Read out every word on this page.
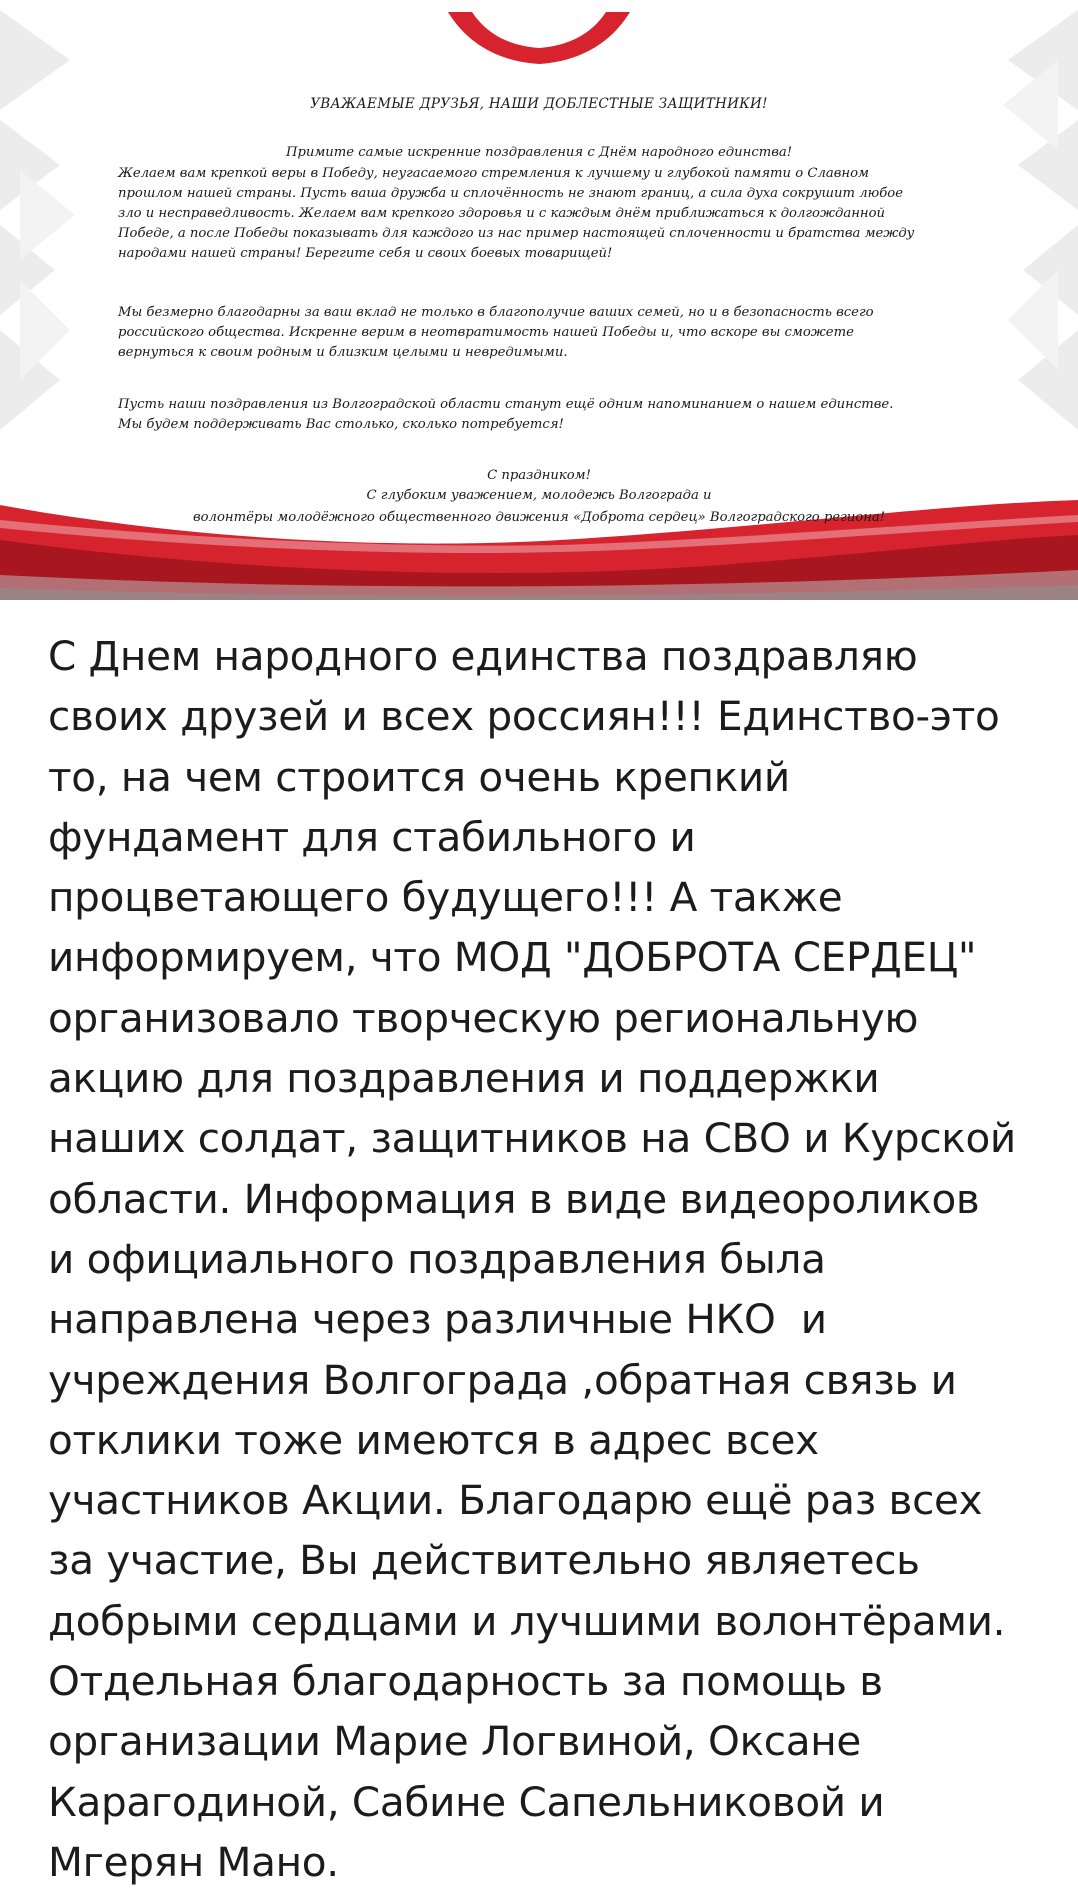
УВАЖАЕМЫЕ ДРУЗЬЯ, НАШИ ДОБЛЕСТНЫЕ ЗАЩИТНИКИ!
Примите самые искренние поздравления с Днём народного единства!
Желаем вам крепкой веры в Победу, неугасаемого стремления к лучшему и глубокой памяти о Славном
прошлом нашей страны. Пусть ваша дружба и сплочённость не знают границ, а сила духа сокрушит любое
зло и несправедливость. Желаем вам крепкого здоровья и с каждым днём приближаться к долгожданной
Победе, а после Победы показывать для каждого из нас пример настоящей сплоченности и братства между
народами нашей страны! Берегите себя и своих боевых товарищей!
Мы безмерно благодарны за ваш вклад не только в благополучие ваших семей, но и в безопасность всего
российского общества. Искренне верим в неотвратимость нашей Победы и, что вскоре вы сможете
вернуться к своим родным и близким целыми и невредимыми.
Пусть наши поздравления из Волгоградской области станут ещё одним напоминанием о нашем единстве.
Мы будем поддерживать Вас столько, сколько потребуется!
С праздником!
С глубоким уважением, молодежь Волгограда и
волонтёры молодёжного общественного движения «Доброта сердец» Волгоградского региона!
С Днем народного единства поздравляю
своих друзей и всех россиян!!! Единство-это
то, на чем строится очень крепкий
фундамент для стабильного и
процветающего будущего!!! А также
информируем, что МОД "ДОБРОТА СЕРДЕЦ"
организовало творческую региональную
акцию для поздравления и поддержки
наших солдат, защитников на СВО и Курской
области. Информация в виде видеороликов
и официального поздравления была
направлена через различные НКО  и
учреждения Волгограда ,обратная связь и
отклики тоже имеются в адрес всех
участников Акции. Благодарю ещё раз всех
за участие, Вы действительно являетесь
добрыми сердцами и лучшими волонтёрами.
Отдельная благодарность за помощь в
организации Марие Логвиной, Оксане
Карагодиной, Сабине Сапельниковой и
Мгерян Мано.
